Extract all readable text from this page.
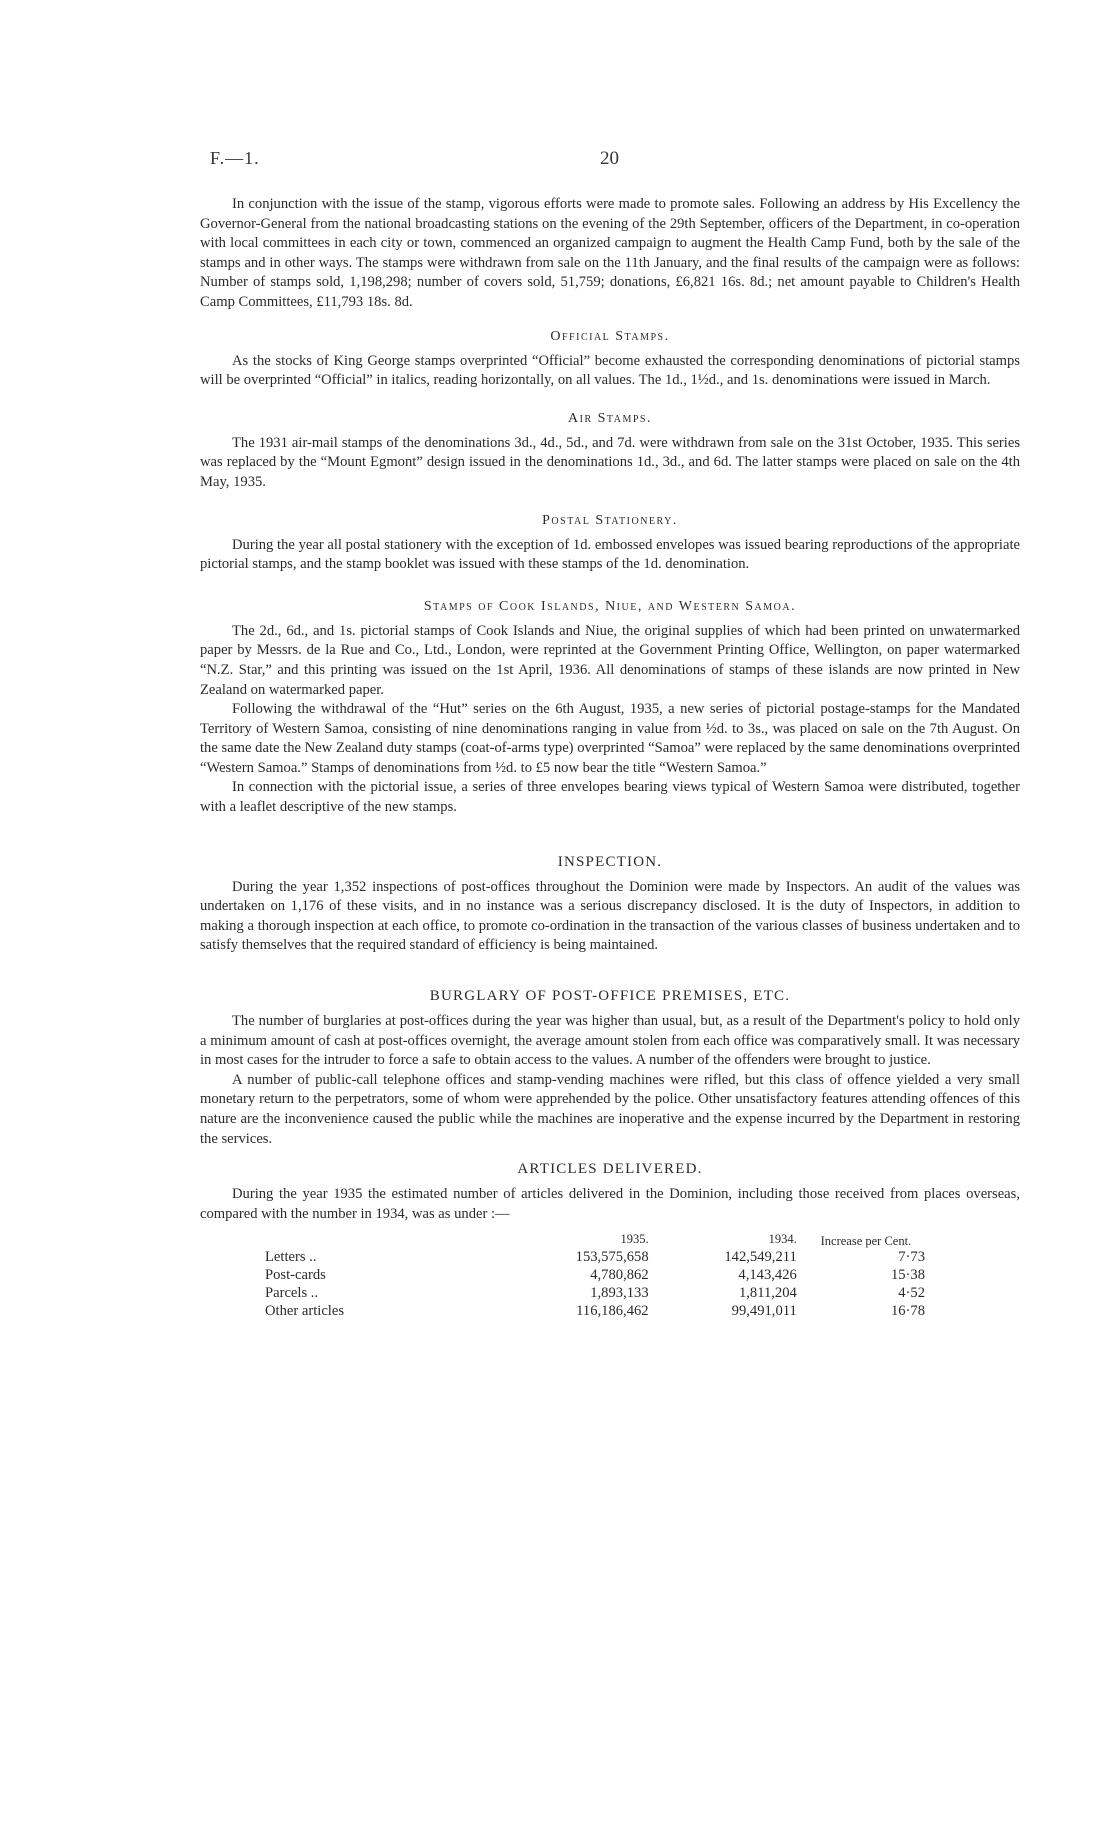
F.—1.	20

In conjunction with the issue of the stamp, vigorous efforts were made to promote sales. Following an address by His Excellency the Governor-General from the national broadcasting stations on the evening of the 29th September, officers of the Department, in co-operation with local committees in each city or town, commenced an organized campaign to augment the Health Camp Fund, both by the sale of the stamps and in other ways. The stamps were withdrawn from sale on the 11th January, and the final results of the campaign were as follows: Number of stamps sold, 1,198,298; number of covers sold, 51,759; donations, £6,821 16s. 8d.; net amount payable to Children's Health Camp Committees, £11,793 18s. 8d.

Official Stamps.

As the stocks of King George stamps overprinted “Official” become exhausted the corresponding denominations of pictorial stamps will be overprinted “Official” in italics, reading horizontally, on all values. The 1d., 1½d., and 1s. denominations were issued in March.

Air Stamps.

The 1931 air-mail stamps of the denominations 3d., 4d., 5d., and 7d. were withdrawn from sale on the 31st October, 1935. This series was replaced by the “Mount Egmont” design issued in the denominations 1d., 3d., and 6d. The latter stamps were placed on sale on the 4th May, 1935.

Postal Stationery.

During the year all postal stationery with the exception of 1d. embossed envelopes was issued bearing reproductions of the appropriate pictorial stamps, and the stamp booklet was issued with these stamps of the 1d. denomination.

Stamps of Cook Islands, Niue, and Western Samoa.

The 2d., 6d., and 1s. pictorial stamps of Cook Islands and Niue, the original supplies of which had been printed on unwatermarked paper by Messrs. de la Rue and Co., Ltd., London, were reprinted at the Government Printing Office, Wellington, on paper watermarked “N.Z. Star,” and this printing was issued on the 1st April, 1936. All denominations of stamps of these islands are now printed in New Zealand on watermarked paper.

Following the withdrawal of the “Hut” series on the 6th August, 1935, a new series of pictorial postage-stamps for the Mandated Territory of Western Samoa, consisting of nine denominations ranging in value from ½d. to 3s., was placed on sale on the 7th August. On the same date the New Zealand duty stamps (coat-of-arms type) overprinted “Samoa” were replaced by the same denominations overprinted “Western Samoa.” Stamps of denominations from ½d. to £5 now bear the title “Western Samoa.”

In connection with the pictorial issue, a series of three envelopes bearing views typical of Western Samoa were distributed, together with a leaflet descriptive of the new stamps.

INSPECTION.

During the year 1,352 inspections of post-offices throughout the Dominion were made by Inspectors. An audit of the values was undertaken on 1,176 of these visits, and in no instance was a serious discrepancy disclosed. It is the duty of Inspectors, in addition to making a thorough inspection at each office, to promote co-ordination in the transaction of the various classes of business undertaken and to satisfy themselves that the required standard of efficiency is being maintained.

BURGLARY OF POST-OFFICE PREMISES, ETC.

The number of burglaries at post-offices during the year was higher than usual, but, as a result of the Department's policy to hold only a minimum amount of cash at post-offices overnight, the average amount stolen from each office was comparatively small. It was necessary in most cases for the intruder to force a safe to obtain access to the values. A number of the offenders were brought to justice.

A number of public-call telephone offices and stamp-vending machines were rifled, but this class of offence yielded a very small monetary return to the perpetrators, some of whom were apprehended by the police. Other unsatisfactory features attending offences of this nature are the inconvenience caused the public while the machines are inoperative and the expense incurred by the Department in restoring the services.

ARTICLES DELIVERED.

During the year 1935 the estimated number of articles delivered in the Dominion, including those received from places overseas, compared with the number in 1934, was as under :—

	1935.	1934.	Increase per Cent.
Letters ..	153,575,658	142,549,211	7·73
Post-cards	4,780,862	4,143,426	15·38
Parcels ..	1,893,133	1,811,204	4·52
Other articles	116,186,462	99,491,011	16·78
